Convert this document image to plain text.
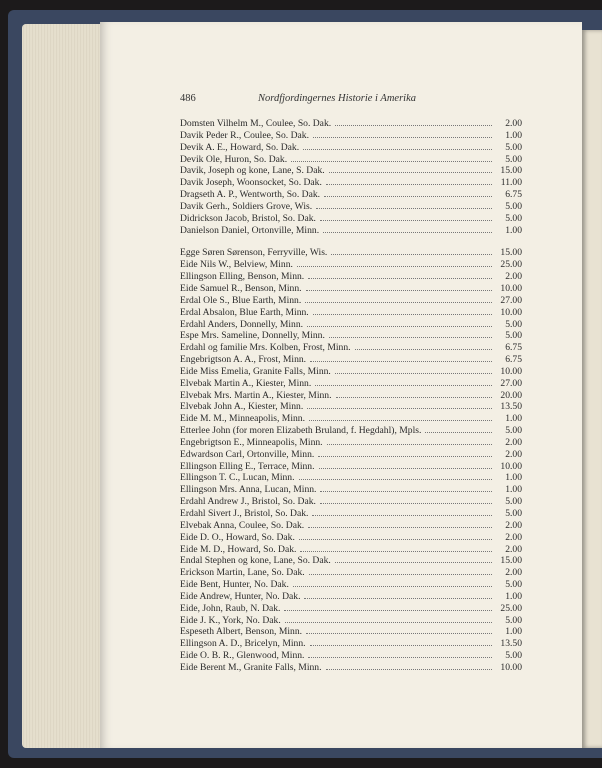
486	Nordfjordingernes Historie i Amerika
Domsten Vilhelm M., Coulee, So. Dak.	2.00
Davik Peder R., Coulee, So. Dak.	1.00
Devik A. E., Howard, So. Dak.	5.00
Devik Ole, Huron, So. Dak.	5.00
Davik, Joseph og kone, Lane, S. Dak.	15.00
Davik Joseph, Woonsocket, So. Dak.	11.00
Dragseth A. P., Wentworth, So. Dak.	6.75
Davik Gerh., Soldiers Grove, Wis.	5.00
Didrickson Jacob, Bristol, So. Dak.	5.00
Danielson Daniel, Ortonville, Minn.	1.00
Egge Søren Sørenson, Ferryville, Wis.	15.00
Eide Nils W., Belview, Minn.	25.00
Ellingson Elling, Benson, Minn.	2.00
Eide Samuel R., Benson, Minn.	10.00
Erdal Ole S., Blue Earth, Minn.	27.00
Erdal Absalon, Blue Earth, Minn.	10.00
Erdahl Anders, Donnelly, Minn.	5.00
Espe Mrs. Sameline, Donnelly, Minn.	5.00
Erdahl og familie Mrs. Kolben, Frost, Minn.	6.75
Engebrigtson A. A., Frost, Minn.	6.75
Eide Miss Emelia, Granite Falls, Minn.	10.00
Elvebak Martin A., Kiester, Minn.	27.00
Elvebak Mrs. Martin A., Kiester, Minn.	20.00
Elvebak John A., Kiester, Minn.	13.50
Eide M. M., Minneapolis, Minn.	1.00
Etterlee John (for moren Elizabeth Bruland, f. Hegdahl), Mpls.	5.00
Engebrigtson E., Minneapolis, Minn.	2.00
Edwardson Carl, Ortonville, Minn.	2.00
Ellingson Elling E., Terrace, Minn.	10.00
Ellingson T. C., Lucan, Minn.	1.00
Ellingson Mrs. Anna, Lucan, Minn.	1.00
Erdahl Andrew J., Bristol, So. Dak.	5.00
Erdahl Sivert J., Bristol, So. Dak.	5.00
Elvebak Anna, Coulee, So. Dak.	2.00
Eide D. O., Howard, So. Dak.	2.00
Eide M. D., Howard, So. Dak.	2.00
Endal Stephen og kone, Lane, So. Dak.	15.00
Erickson Martin, Lane, So. Dak.	2.00
Eide Bent, Hunter, No. Dak.	5.00
Eide Andrew, Hunter, No. Dak.	1.00
Eide, John, Raub, N. Dak.	25.00
Eide J. K., York, No. Dak.	5.00
Espeseth Albert, Benson, Minn.	1.00
Ellingson A. D., Bricelyn, Minn.	13.50
Eide O. B. R., Glenwood, Minn.	5.00
Eide Berent M., Granite Falls, Minn.	10.00
